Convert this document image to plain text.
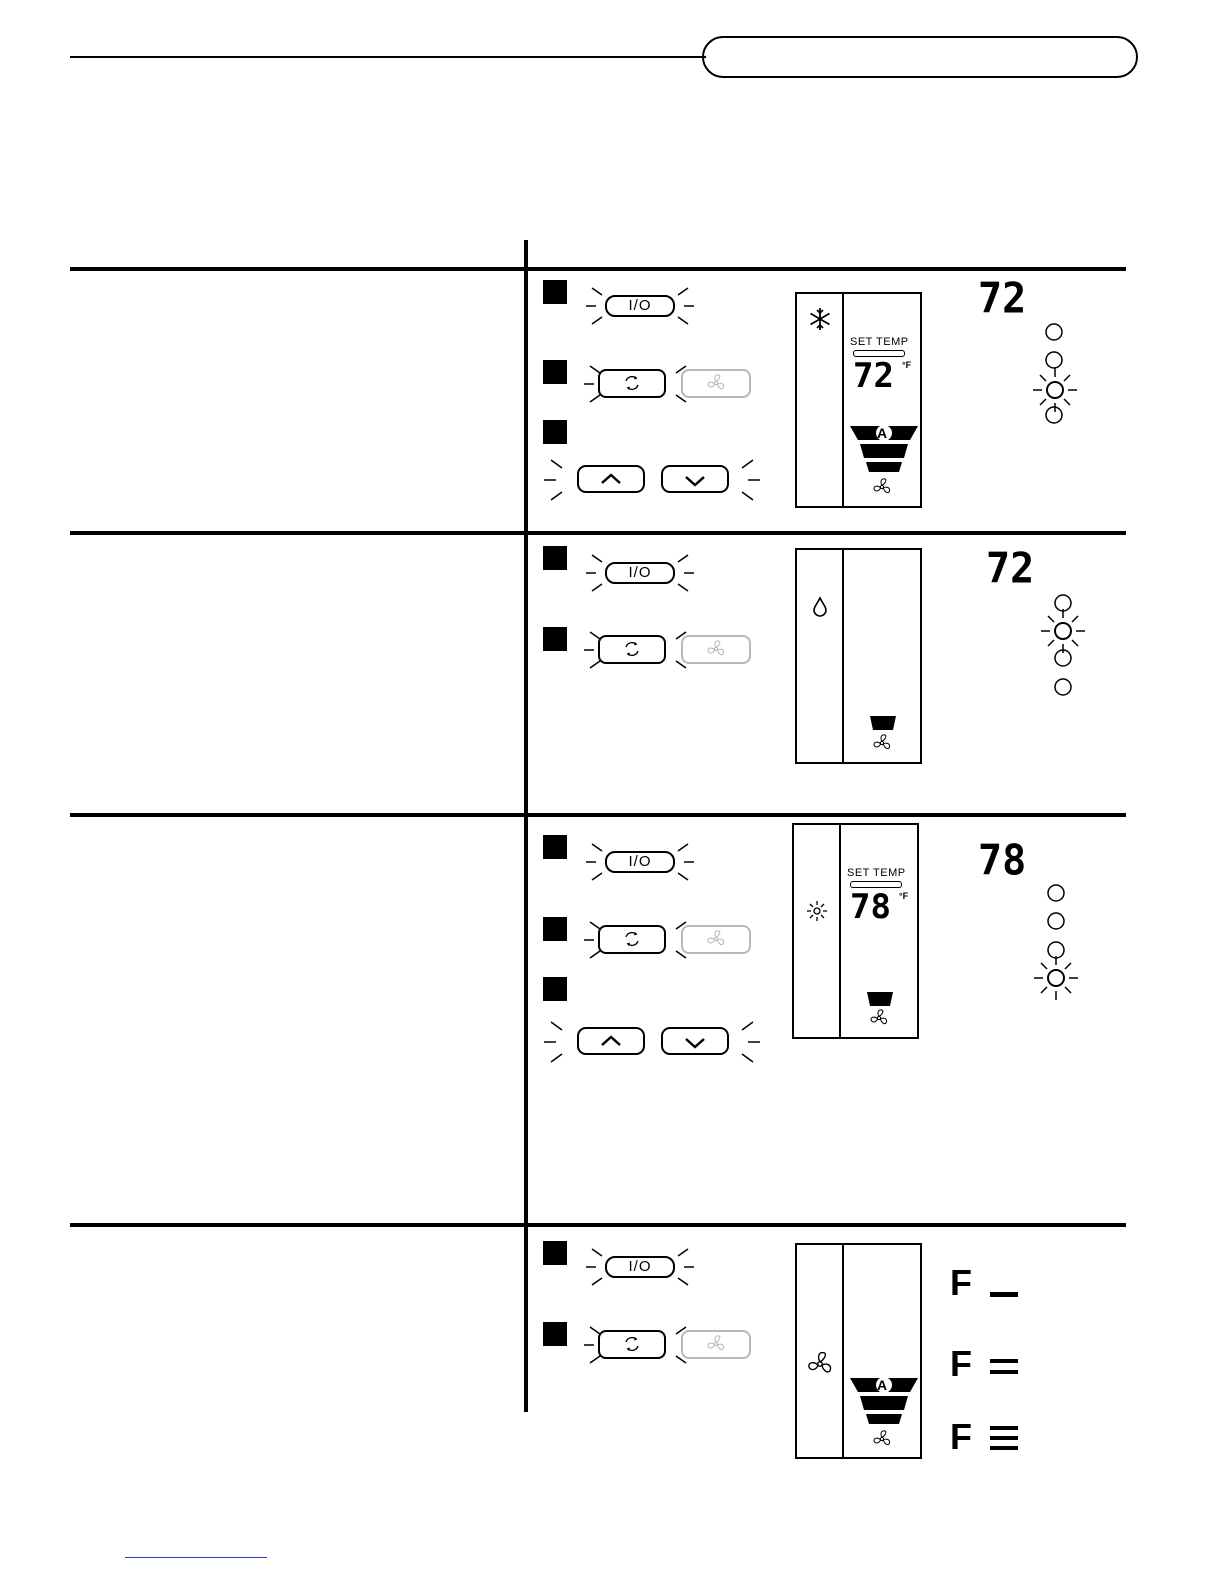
I/O
SET TEMP
72 °F
A
72
I/O	72
I/O
SET TEMP
78 °F
78
I/O
A
F
F
F
